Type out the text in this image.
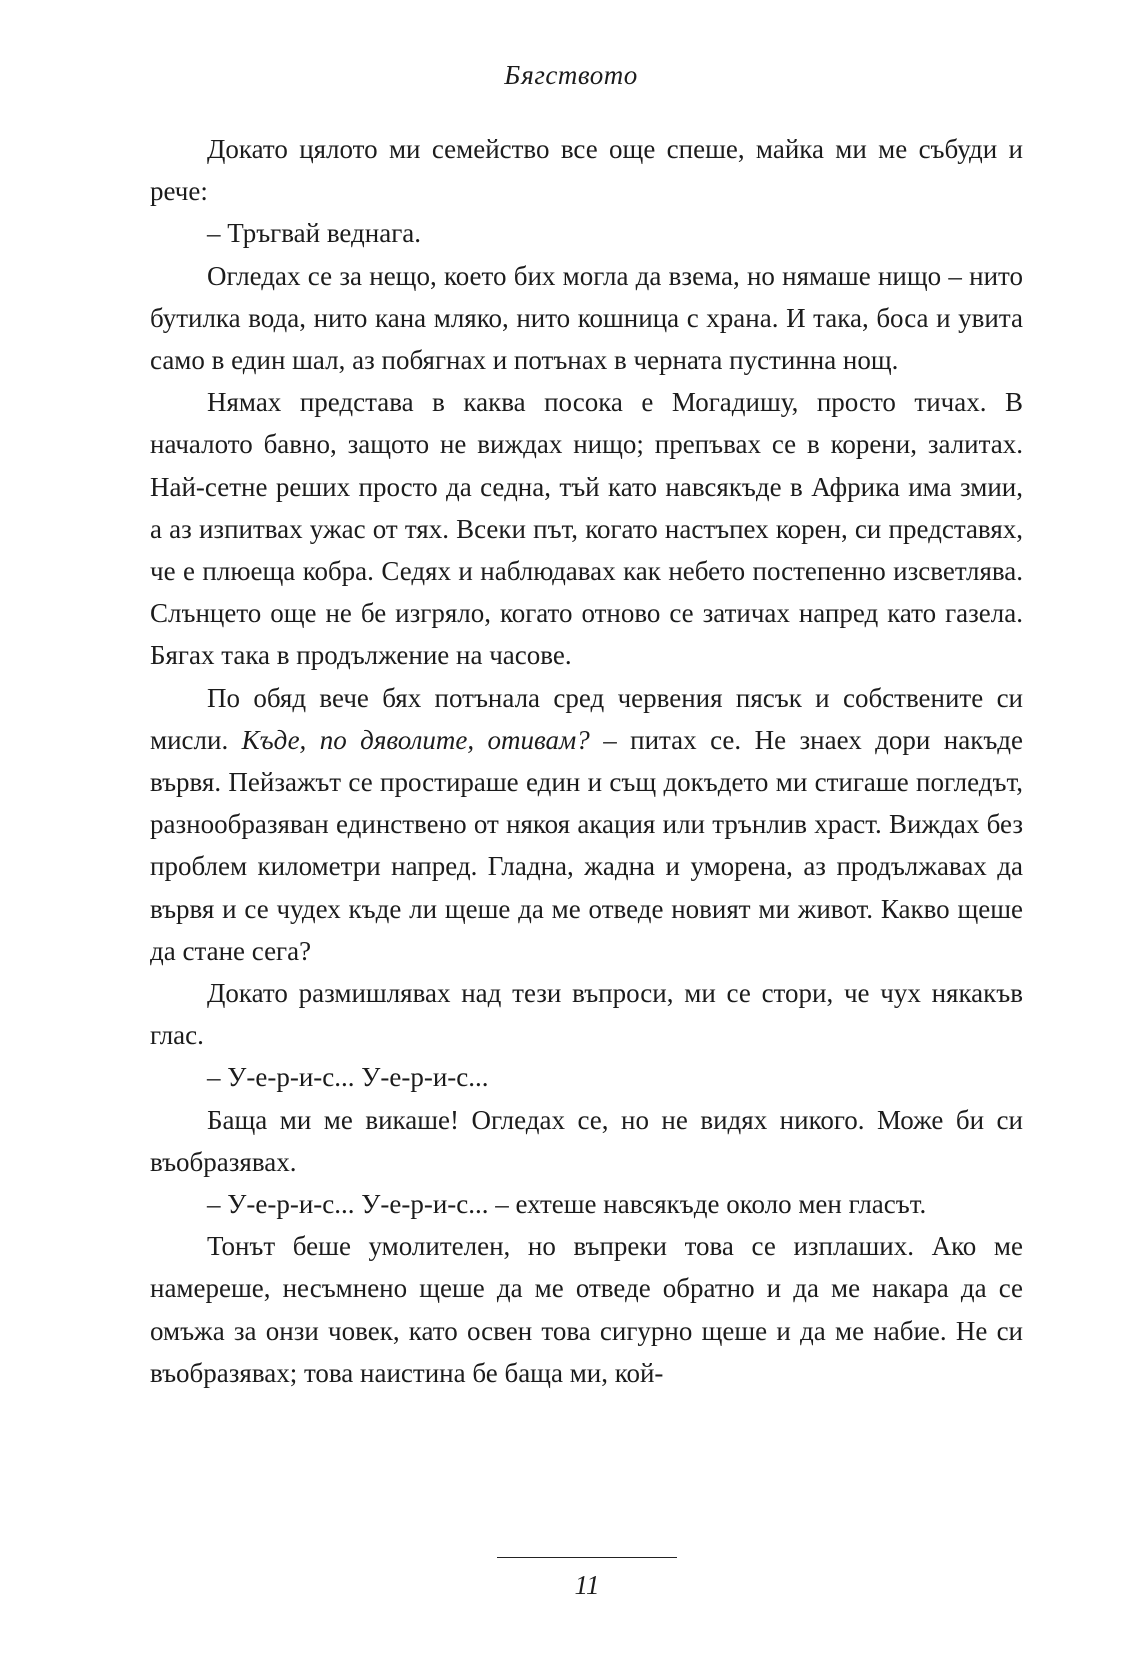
Бягството

Докато цялото ми семейство все още спеше, майка ми ме събуди и рече:

– Тръгвай веднага.

Огледах се за нещо, което бих могла да взема, но нямаше нищо – нито бутилка вода, нито кана мляко, нито кошница с храна. И така, боса и увита само в един шал, аз побягнах и потънах в черната пустинна нощ.

Нямах представа в каква посока е Могадишу, просто тичах. В началото бавно, защото не виждах нищо; препъвах се в корени, залитах. Най-сетне реших просто да седна, тъй като навсякъде в Африка има змии, а аз изпитвах ужас от тях. Всеки път, когато настъпех корен, си представях, че е плюеща кобра. Седях и наблюдавах как небето постепенно изсветлява. Слънцето още не бе изгряло, когато отново се затичах напред като газела. Бягах така в продължение на часове.

По обяд вече бях потънала сред червения пясък и собствените си мисли. Къде, по дяволите, отивам? – питах се. Не знаех дори накъде вървя. Пейзажът се простираше един и същ докъдето ми стигаше погледът, разнообразяван единствено от някоя акация или трънлив храст. Виждах без проблем километри напред. Гладна, жадна и уморена, аз продължавах да вървя и се чудех къде ли щеше да ме отведе новият ми живот. Какво щеше да стане сега?

Докато размишлявах над тези въпроси, ми се стори, че чух някакъв глас.

– У-е-р-и-с... У-е-р-и-с...

Баща ми ме викаше! Огледах се, но не видях никого. Може би си въобразявах.

– У-е-р-и-с... У-е-р-и-с... – ехтеше навсякъде около мен гласът.

Тонът беше умолителен, но въпреки това се изплаших. Ако ме намереше, несъмнено щеше да ме отведе обратно и да ме накара да се омъжа за онзи човек, като освен това сигурно щеше и да ме набие. Не си въобразявах; това наистина бе баща ми, кой-

11
